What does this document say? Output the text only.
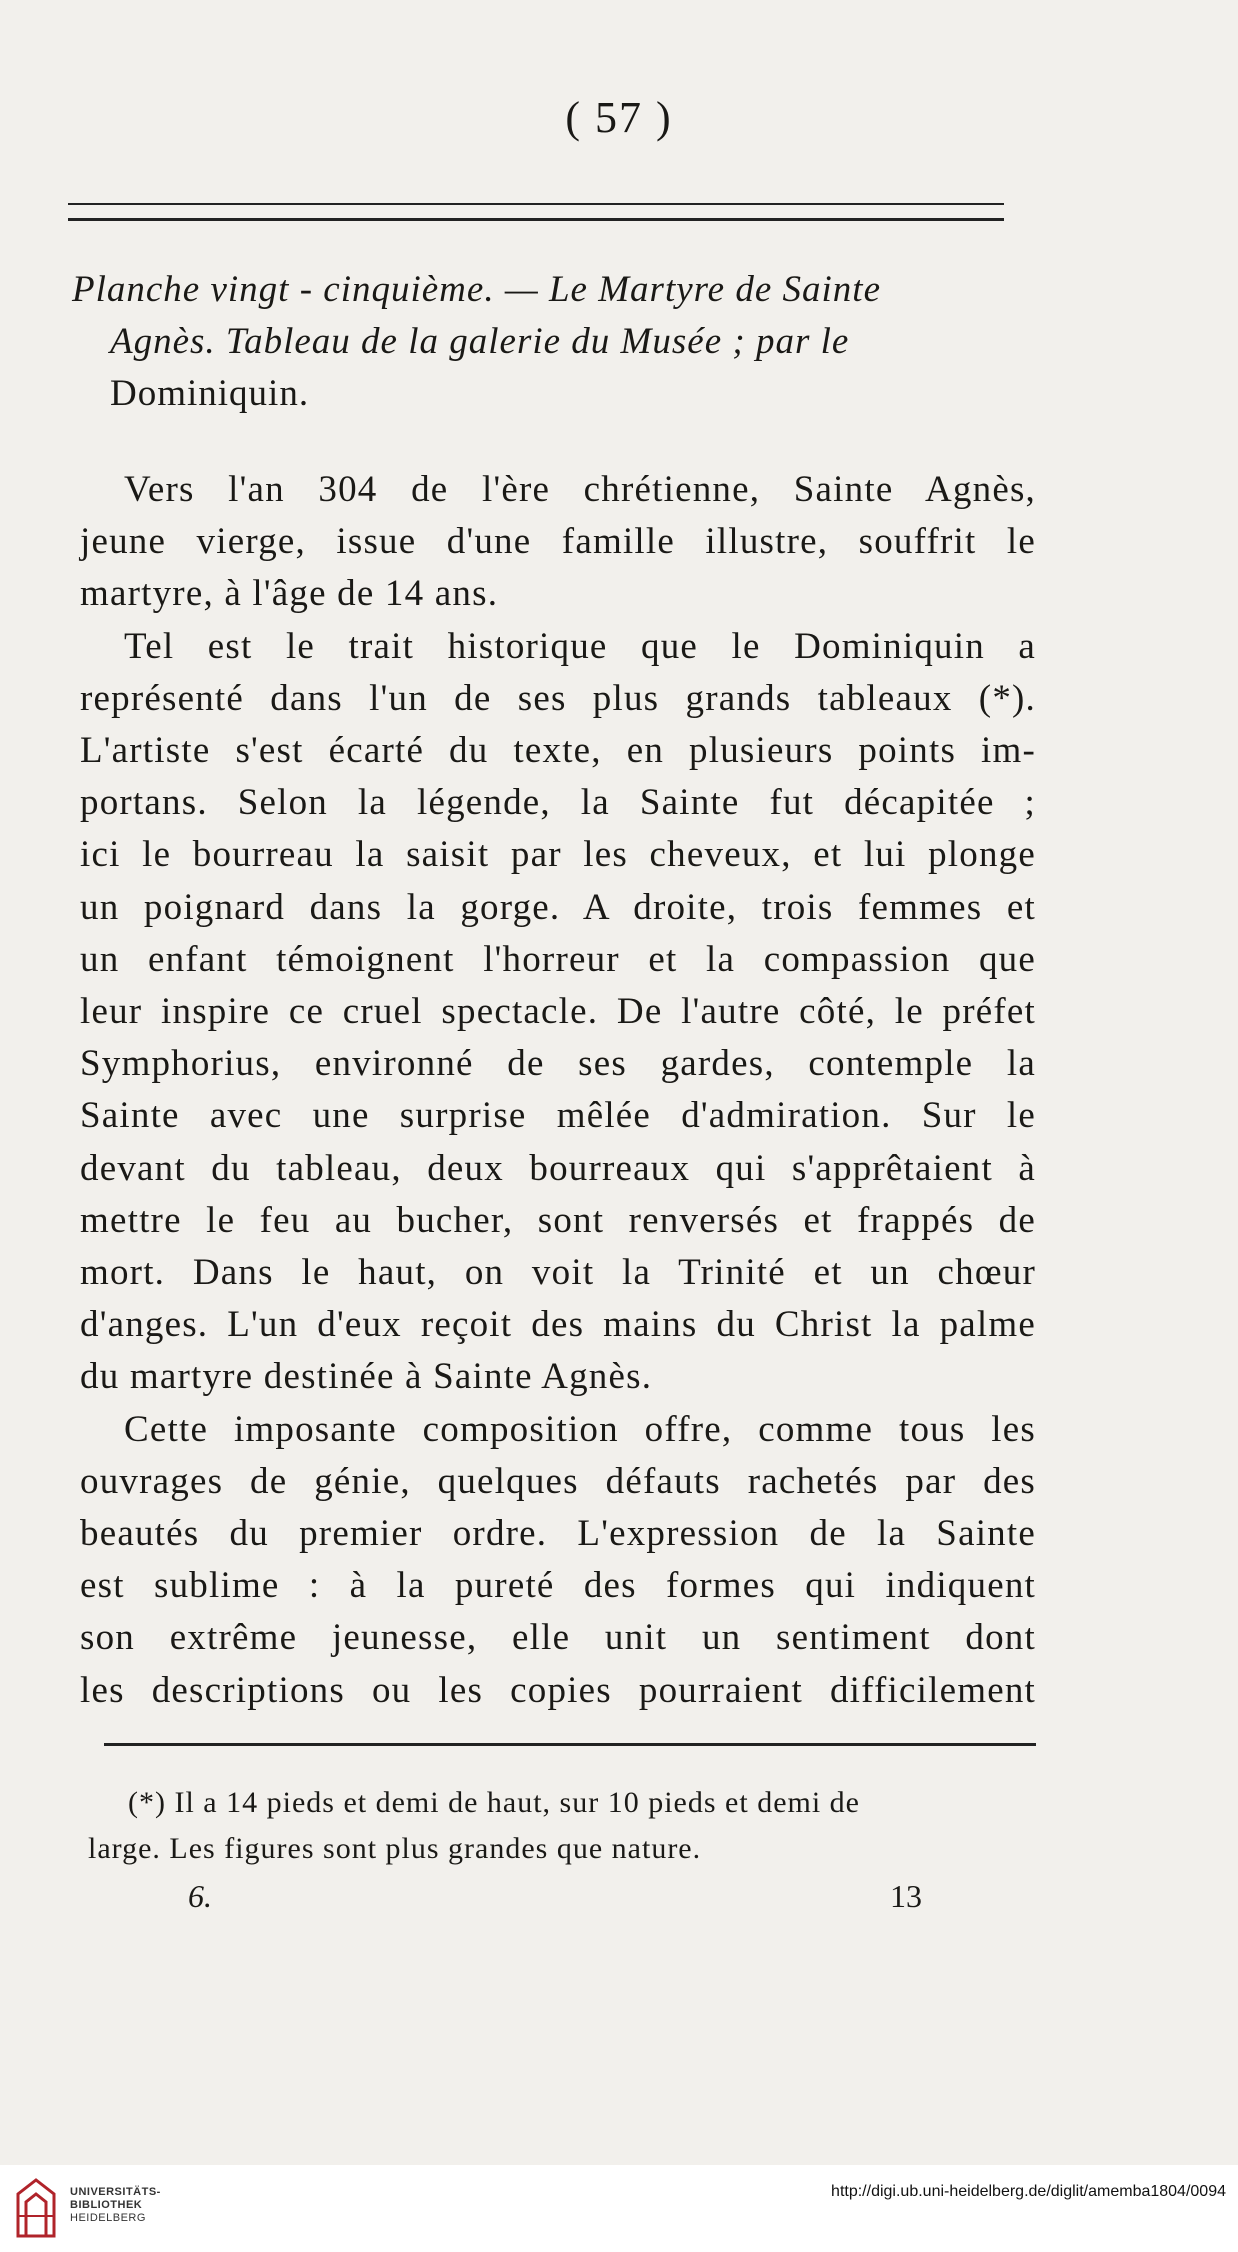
( 57 )
Planche vingt - cinquième. — Le Martyre de Sainte
Agnès. Tableau de la galerie du Musée ; par le
Dominiquin.
Vers l'an 304 de l'ère chrétienne, Sainte Agnès,
jeune vierge, issue d'une famille illustre, souffrit le
martyre, à l'âge de 14 ans.
Tel est le trait historique que le Dominiquin a
représenté dans l'un de ses plus grands tableaux (*).
L'artiste s'est écarté du texte, en plusieurs points im-
portans. Selon la légende, la Sainte fut décapitée ;
ici le bourreau la saisit par les cheveux, et lui plonge
un poignard dans la gorge. A droite, trois femmes et
un enfant témoignent l'horreur et la compassion que
leur inspire ce cruel spectacle. De l'autre côté, le préfet
Symphorius, environné de ses gardes, contemple la
Sainte avec une surprise mêlée d'admiration. Sur le
devant du tableau, deux bourreaux qui s'apprêtaient à
mettre le feu au bucher, sont renversés et frappés de
mort. Dans le haut, on voit la Trinité et un chœur
d'anges. L'un d'eux reçoit des mains du Christ la palme
du martyre destinée à Sainte Agnès.
Cette imposante composition offre, comme tous les
ouvrages de génie, quelques défauts rachetés par des
beautés du premier ordre. L'expression de la Sainte
est sublime : à la pureté des formes qui indiquent
son extrême jeunesse, elle unit un sentiment dont
les descriptions ou les copies pourraient difficilement
(*) Il a 14 pieds et demi de haut, sur 10 pieds et demi de
large. Les figures sont plus grandes que nature.
6.	13
UNIVERSITÄTS-
BIBLIOTHEK
HEIDELBERG
http://digi.ub.uni-heidelberg.de/diglit/amemba1804/0094
